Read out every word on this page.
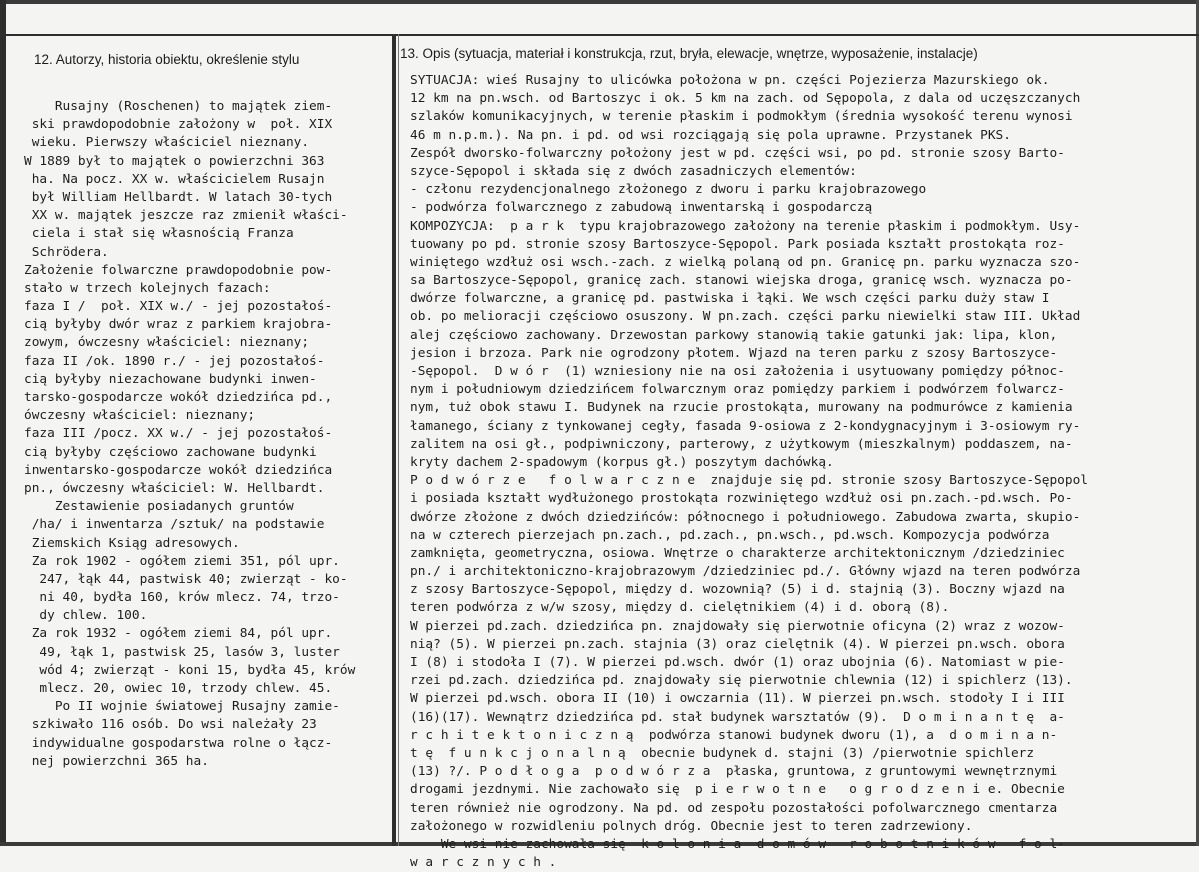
12. Autorzy, historia obiektu, określenie stylu	13. Opis (sytuacja, materiał i konstrukcja, rzut, bryła, elewacje, wnętrze, wyposażenie, instalacje)
Rusajny (Roschenen) to majątek ziem-
ski prawdopodobnie założony w  poł. XIX
wieku. Pierwszy właściciel nieznany.
W 1889 był to majątek o powierzchni 363
ha. Na pocz. XX w. właścicielem Rusajn
był William Hellbardt. W latach 30-tych
XX w. majątek jeszcze raz zmienił właści-
ciela i stał się własnością Franza
Schrödera.
Założenie folwarczne prawdopodobnie pow-
stało w trzech kolejnych fazach:
faza I /  poł. XIX w./ - jej pozostałoś-
cią byłyby dwór wraz z parkiem krajobra-
zowym, ówczesny właściciel: nieznany;
faza II /ok. 1890 r./ - jej pozostałoś-
cią byłyby niezachowane budynki inwen-
tarsko-gospodarcze wokół dziedzińca pd.,
ówczesny właściciel: nieznany;
faza III /pocz. XX w./ - jej pozostałoś-
cią byłyby częściowo zachowane budynki
inwentarsko-gospodarcze wokół dziedzińca
pn., ówczesny właściciel: W. Hellbardt.
Zestawienie posiadanych gruntów
/ha/ i inwentarza /sztuk/ na podstawie
Ziemskich Ksiąg adresowych.
Za rok 1902 - ogółem ziemi 351, pól upr.
247, łąk 44, pastwisk 40; zwierząt - ko-
ni 40, bydła 160, krów mlecz. 74, trzo-
dy chlew. 100.
Za rok 1932 - ogółem ziemi 84, pól upr.
49, łąk 1, pastwisk 25, lasów 3, luster
wód 4; zwierząt - koni 15, bydła 45, krów
mlecz. 20, owiec 10, trzody chlew. 45.
Po II wojnie światowej Rusajny zamie-
szkiwało 116 osób. Do wsi należały 23
indywidualne gospodarstwa rolne o łącz-
nej powierzchni 365 ha.
SYTUACJA: wieś Rusajny to ulicówka położona w pn. części Pojezierza Mazurskiego ok.
12 km na pn.wsch. od Bartoszyc i ok. 5 km na zach. od Sępopola, z dala od uczęszczanych
szlaków komunikacyjnych, w terenie płaskim i podmokłym (średnia wysokość terenu wynosi
46 m n.p.m.). Na pn. i pd. od wsi rozciągają się pola uprawne. Przystanek PKS.
Zespół dworsko-folwarczny położony jest w pd. części wsi, po pd. stronie szosy Barto-
szyce-Sępopol i składa się z dwóch zasadniczych elementów:
- członu rezydencjonalnego złożonego z dworu i parku krajobrazowego
- podwórza folwarcznego z zabudową inwentarską i gospodarczą
KOMPOZYCJA:  p a r k  typu krajobrazowego założony na terenie płaskim i podmokłym. Usy-
tuowany po pd. stronie szosy Bartoszyce-Sępopol. Park posiada kształt prostokąta roz-
winiętego wzdłuż osi wsch.-zach. z wielką polaną od pn. Granicę pn. parku wyznacza szo-
sa Bartoszyce-Sępopol, granicę zach. stanowi wiejska droga, granicę wsch. wyznacza po-
dwórze folwarczne, a granicę pd. pastwiska i łąki. We wsch części parku duży staw I
ob. po melioracji częściowo osuszony. W pn.zach. części parku niewielki staw III. Układ
alej częściowo zachowany. Drzewostan parkowy stanowią takie gatunki jak: lipa, klon,
jesion i brzoza. Park nie ogrodzony płotem. Wjazd na teren parku z szosy Bartoszyce-
-Sępopol.  D w ó r  (1) wzniesiony nie na osi założenia i usytuowany pomiędzy północ-
nym i południowym dziedzińcem folwarcznym oraz pomiędzy parkiem i podwórzem folwarcz-
nym, tuż obok stawu I. Budynek na rzucie prostokąta, murowany na podmurówce z kamienia
łamanego, ściany z tynkowanej cegły, fasada 9-osiowa z 2-kondygnacyjnym i 3-osiowym ry-
zalitem na osi gł., podpiwniczony, parterowy, z użytkowym (mieszkalnym) poddaszem, na-
kryty dachem 2-spadowym (korpus gł.) poszytym dachówką.
P o d w ó r z e   f o l w a r c z n e  znajduje się pd. stronie szosy Bartoszyce-Sępopol
i posiada kształt wydłużonego prostokąta rozwiniętego wzdłuż osi pn.zach.-pd.wsch. Po-
dwórze złożone z dwóch dziedzińców: północnego i południowego. Zabudowa zwarta, skupio-
na w czterech pierzejach pn.zach., pd.zach., pn.wsch., pd.wsch. Kompozycja podwórza
zamknięta, geometryczna, osiowa. Wnętrze o charakterze architektonicznym /dziedziniec
pn./ i architektoniczno-krajobrazowym /dziedziniec pd./. Główny wjazd na teren podwórza
z szosy Bartoszyce-Sępopol, między d. wozownią? (5) i d. stajnią (3). Boczny wjazd na
teren podwórza z w/w szosy, między d. cielętnikiem (4) i d. oborą (8).
W pierzei pd.zach. dziedzińca pn. znajdowały się pierwotnie oficyna (2) wraz z wozow-
nią? (5). W pierzei pn.zach. stajnia (3) oraz cielętnik (4). W pierzei pn.wsch. obora
I (8) i stodoła I (7). W pierzei pd.wsch. dwór (1) oraz ubojnia (6). Natomiast w pie-
rzei pd.zach. dziedzińca pd. znajdowały się pierwotnie chlewnia (12) i spichlerz (13).
W pierzei pd.wsch. obora II (10) i owczarnia (11). W pierzei pn.wsch. stodoły I i III
(16)(17). Wewnątrz dziedzińca pd. stał budynek warsztatów (9).  D o m i n a n t ę  a-
r c h i t e k t o n i c z n ą  podwórza stanowi budynek dworu (1), a  d o m i n a n-
t ę  f u n k c j o n a l n ą  obecnie budynek d. stajni (3) /pierwotnie spichlerz
(13) ?/. P o d ł o g a  p o d w ó r z a  płaska, gruntowa, z gruntowymi wewnętrznymi
drogami jezdnymi. Nie zachowało się  p i e r w o t n e   o g r o d z e n i e. Obecnie
teren również nie ogrodzony. Na pd. od zespołu pozostałości pofolwarcznego cmentarza
założonego w rozwidleniu polnych dróg. Obecnie jest to teren zadrzewiony.
We wsi nie zachowała się  k o l o n i a  d o m ó w   r o b o t n i k ó w   f o l-
w a r c z n y c h .
